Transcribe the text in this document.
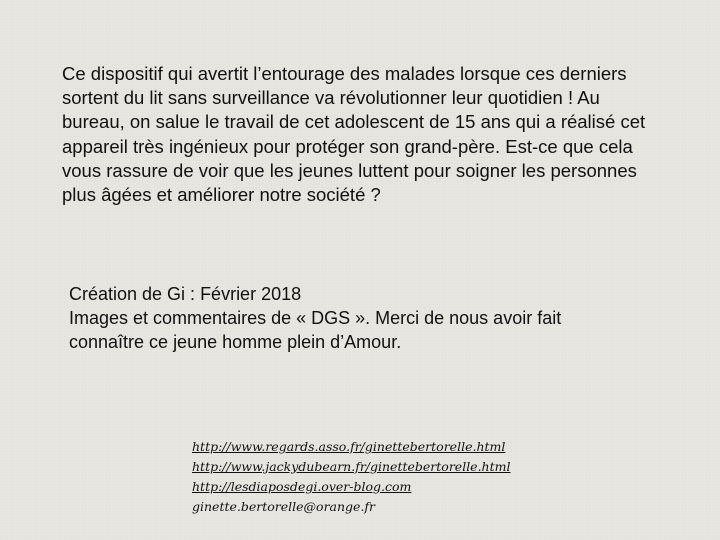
Ce dispositif qui avertit l’entourage des malades lorsque ces derniers sortent du lit sans surveillance va révolutionner leur quotidien ! Au bureau, on salue le travail de cet adolescent de 15 ans qui a réalisé cet appareil très ingénieux pour protéger son grand-père. Est-ce que cela vous rassure de voir que les jeunes luttent pour soigner les personnes plus âgées et améliorer notre société ?

Création de Gi : Février 2018
Images et commentaires de « DGS ». Merci de nous avoir fait
connaître ce jeune homme plein d’Amour.
http://www.regards.asso.fr/ginettebertorelle.html
http://www.jackydubearn.fr/ginettebertorelle.html
http://lesdiaposdegi.over-blog.com
ginette.bertorelle@orange.fr
